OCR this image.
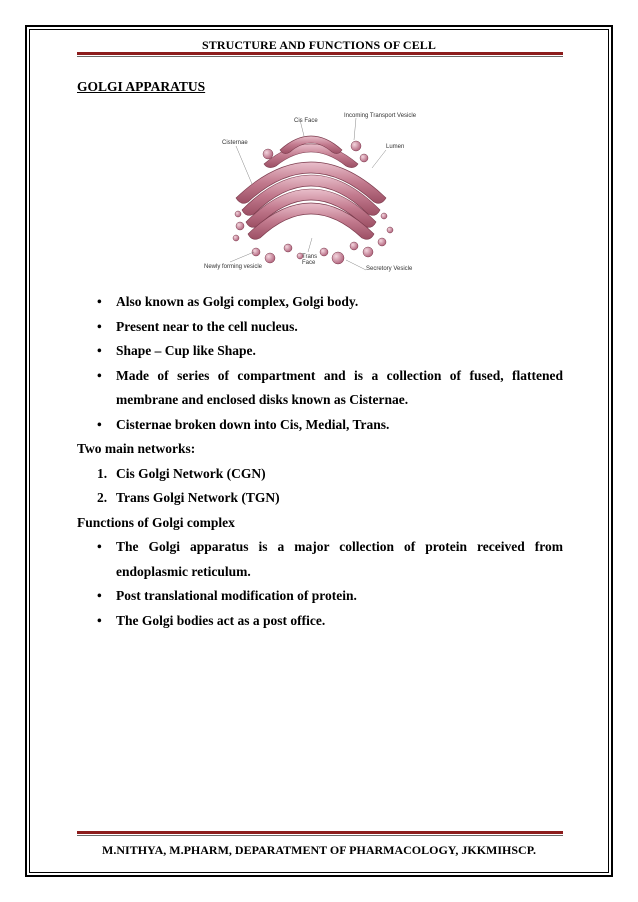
STRUCTURE AND FUNCTIONS OF CELL
GOLGI APPARATUS
Cis Face
Incoming Transport Vesicle
Cisternae
Lumen
Trans
Face
Newly forming vesicle	Secretory Vesicle
• Also known as Golgi complex, Golgi body.
• Present near to the cell nucleus.
• Shape – Cup like Shape.
• Made of series of compartment and is a collection of fused, flattened membrane and enclosed disks known as Cisternae.
• Cisternae broken down into Cis, Medial, Trans.
Two main networks:
1. Cis Golgi Network (CGN)
2. Trans Golgi Network (TGN)
Functions of Golgi complex
• The Golgi apparatus is a major collection of protein received from endoplasmic reticulum.
• Post translational modification of protein.
• The Golgi bodies act as a post office.
M.NITHYA, M.PHARM, DEPARATMENT OF PHARMACOLOGY, JKKMIHSCP.
